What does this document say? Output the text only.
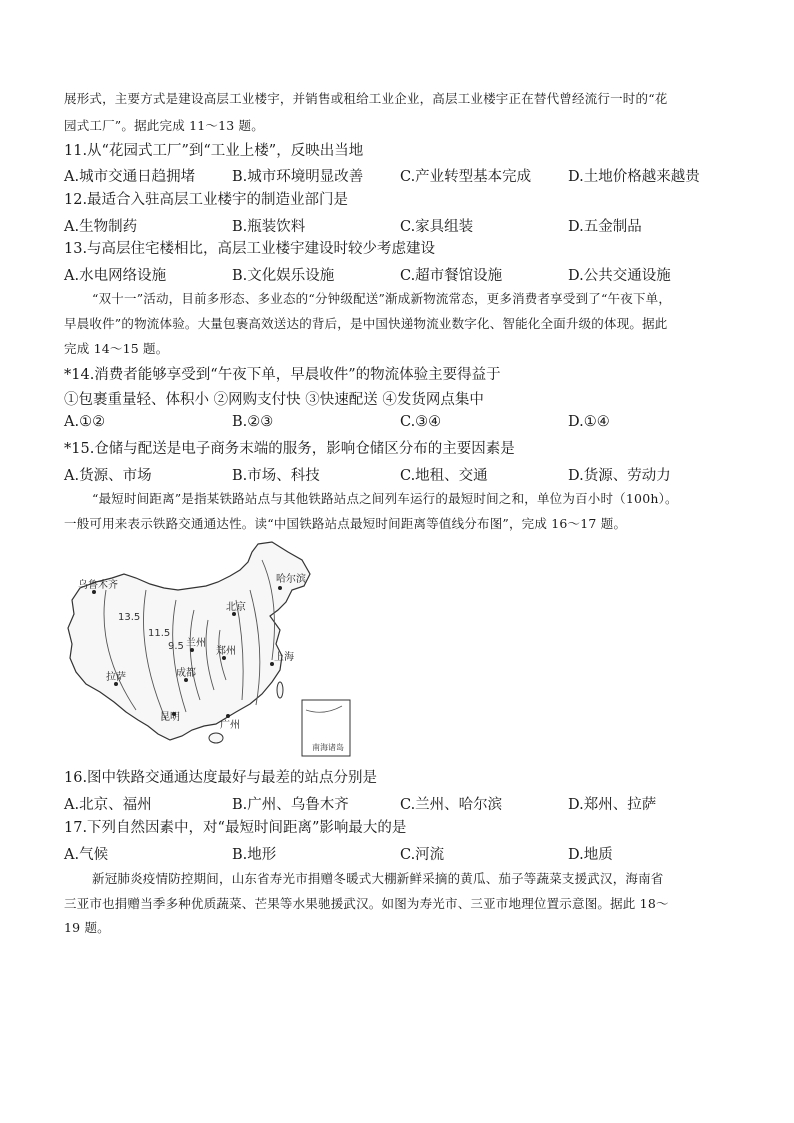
展形式，主要方式是建设高层工业楼宇，并销售或租给工业企业，高层工业楼宇正在替代曾经流行一时的“花
园式工厂”。据此完成 11～13 题。
11.从“花园式工厂”到“工业上楼”，反映出当地
A.城市交通日趋拥堵	B.城市环境明显改善	C.产业转型基本完成	D.土地价格越来越贵
12.最适合入驻高层工业楼宇的制造业部门是
A.生物制药	B.瓶装饮料	C.家具组装	D.五金制品
13.与高层住宅楼相比，高层工业楼宇建设时较少考虑建设
A.水电网络设施	B.文化娱乐设施	C.超市餐馆设施	D.公共交通设施
“双十一”活动，目前多形态、多业态的“分钟级配送”渐成新物流常态，更多消费者享受到了“午夜下单，
早晨收件”的物流体验。大量包裹高效送达的背后，是中国快递物流业数字化、智能化全面升级的体现。据此
完成 14～15 题。
*14.消费者能够享受到“午夜下单，早晨收件”的物流体验主要得益于
①包裹重量轻、体积小 ②网购支付快 ③快速配送 ④发货网点集中
A.①②	B.②③	C.③④	D.①④
*15.仓储与配送是电子商务末端的服务，影响仓储区分布的主要因素是
A.货源、市场	B.市场、科技	C.地租、交通	D.货源、劳动力
“最短时间距离”是指某铁路站点与其他铁路站点之间列车运行的最短时间之和，单位为百小时（100h）。
一般可用来表示铁路交通通达性。读“中国铁路站点最短时间距离等值线分布图”，完成 16～17 题。
13.5
11.5
9.5
哈尔滨
乌鲁木齐
北京
兰州
郑州
上海
拉萨	成都
昆明
广州
南海诸岛
16.图中铁路交通通达度最好与最差的站点分别是
A.北京、福州	B.广州、乌鲁木齐	C.兰州、哈尔滨	D.郑州、拉萨
17.下列自然因素中，对“最短时间距离”影响最大的是
A.气候	B.地形	C.河流	D.地质
新冠肺炎疫情防控期间，山东省寿光市捐赠冬暖式大棚新鲜采摘的黄瓜、茄子等蔬菜支援武汉，海南省
三亚市也捐赠当季多种优质蔬菜、芒果等水果驰援武汉。如图为寿光市、三亚市地理位置示意图。据此 18～
19 题。
